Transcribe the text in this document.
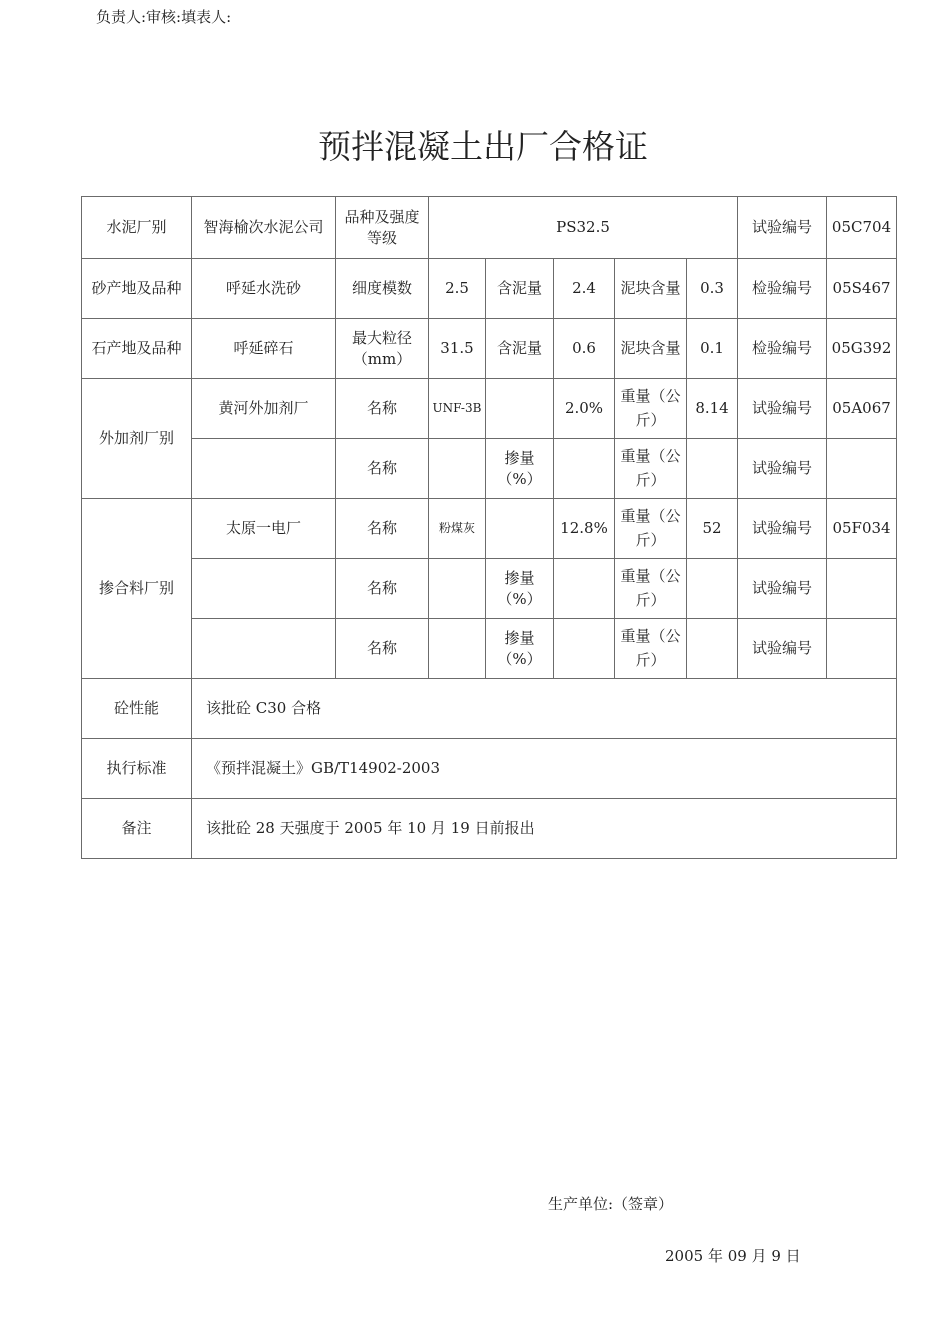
负责人:审核:填表人:
预拌混凝土出厂合格证
水泥厂别	智海榆次水泥公司	品种及强度等级	PS32.5					试验编号	05C704
砂产地及品种	呼延水洗砂	细度模数	2.5	含泥量	2.4	泥块含量	0.3	检验编号	05S467
石产地及品种	呼延碎石	最大粒径（mm）	31.5	含泥量	0.6	泥块含量	0.1	检验编号	05G392
外加剂厂别	黄河外加剂厂	名称	UNF-3B		2.0%	重量（公斤）	8.14	试验编号	05A067
		名称		掺量（%）		重量（公斤）		试验编号	
掺合料厂别	太原一电厂	名称	粉煤灰		12.8%	重量（公斤）	52	试验编号	05F034
		名称		掺量（%）		重量（公斤）		试验编号	
		名称		掺量（%）		重量（公斤）		试验编号	
砼性能	该批砼 C30 合格								
执行标准	《预拌混凝土》GB/T14902-2003								
备注	该批砼 28 天强度于 2005 年 10 月 19 日前报出								
生产单位:（签章）
2005 年 09 月 9 日
